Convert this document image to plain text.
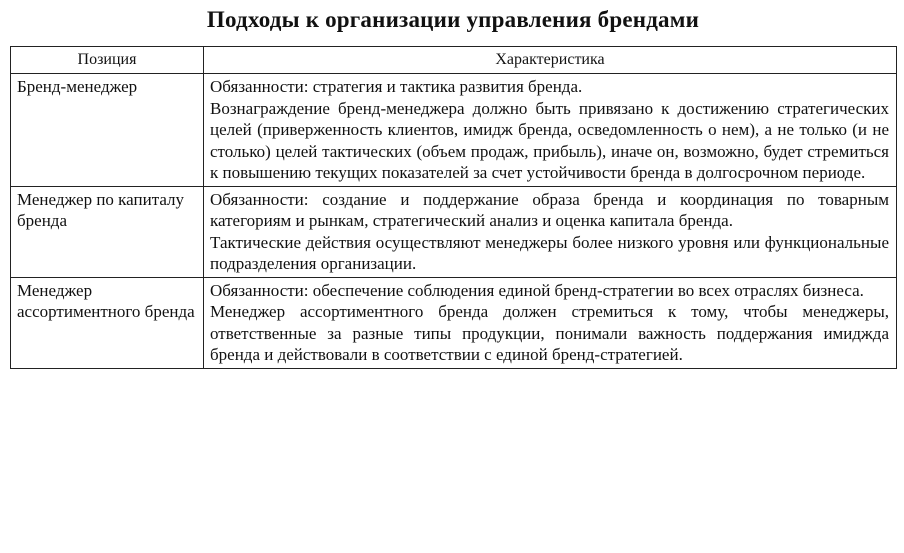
Подходы к организации управления брендами
Позиция	Характеристика
Бренд-менеджер	Обязанности: стратегия и тактика развития бренда.

Вознаграждение бренд-менеджера должно быть привязано к достижению стратегических целей (приверженность клиентов, имидж бренда, осведомленность о нем), а не только (и не столько) целей тактических (объем продаж, прибыль), иначе он, возможно, будет стремиться к повышению текущих показателей за счет устойчивости бренда в долгосрочном периоде.

Менеджер по капиталу бренда	Обязанности: создание и поддержание образа бренда и координация по товарным категориям и рынкам, стратегический анализ и оценка капитала бренда.

Тактические действия осуществляют менеджеры более низкого уровня или функциональные подразделения организации.

Менеджер ассортиментного бренда	Обязанности: обеспечение соблюдения единой бренд-стратегии во всех отраслях бизнеса.

Менеджер ассортиментного бренда должен стремиться к тому, чтобы менеджеры, ответственные за разные типы продукции, понимали важность поддержания имиджда бренда и действовали в соответствии с единой бренд-стратегией.
